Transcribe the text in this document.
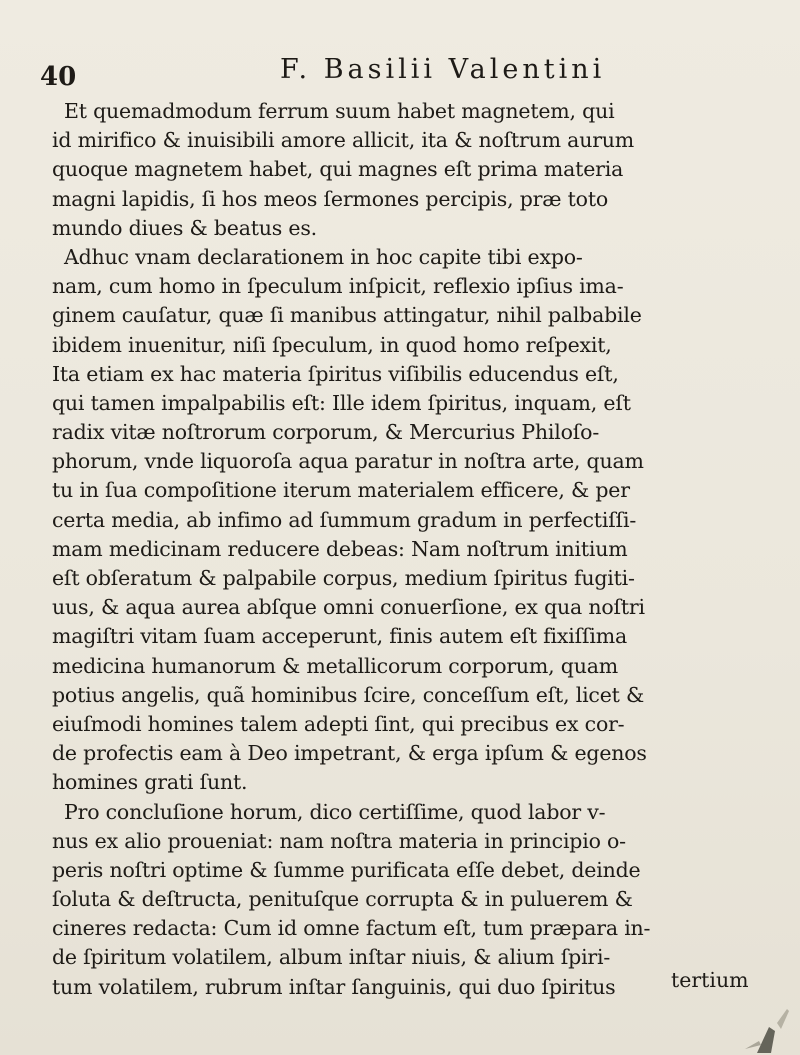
40	F. Basilii Valentini
Et quemadmodum ferrum suum habet magnetem, qui
id mirifico & inuisibili amore allicit, ita & noſtrum aurum
quoque magnetem habet, qui magnes eſt prima materia
magni lapidis, ſi hos meos ſermones percipis, præ toto
mundo diues & beatus es.
Adhuc vnam declarationem in hoc capite tibi expo-
nam, cum homo in ſpeculum inſpicit, reflexio ipſius ima-
ginem cauſatur, quæ ſi manibus attingatur, nihil palbabile
ibidem inuenitur, niſi ſpeculum, in quod homo reſpexit,
Ita etiam ex hac materia ſpiritus viſibilis educendus eſt,
qui tamen impalpabilis eſt: Ille idem ſpiritus, inquam, eſt
radix vitæ noſtrorum corporum, & Mercurius Philoſo-
phorum, vnde liquoroſa aqua paratur in noſtra arte, quam
tu in ſua compoſitione iterum materialem efficere, & per
certa media, ab infimo ad ſummum gradum in perfectiſſi-
mam medicinam reducere debeas: Nam noſtrum initium
eſt obſeratum & palpabile corpus, medium ſpiritus fugiti-
uus, & aqua aurea abſque omni conuerſione, ex qua noſtri
magiſtri vitam ſuam acceperunt, finis autem eſt fixiſſima
medicina humanorum & metallicorum corporum, quam
potius angelis, quã hominibus ſcire, conceſſum eſt, licet &
eiuſmodi homines talem adepti ſint, qui precibus ex cor-
de profectis eam à Deo impetrant, & erga ipſum & egenos
homines grati ſunt.
Pro concluſione horum, dico certiſſime, quod labor v-
nus ex alio proueniat: nam noſtra materia in principio o-
peris noſtri optime & ſumme purificata eſſe debet, deinde
ſoluta & deſtructa, penituſque corrupta & in puluerem &
cineres redacta: Cum id omne factum eſt, tum præpara in-
de ſpiritum volatilem, album inſtar niuis, & alium ſpiri-
tum volatilem, rubrum inſtar ſanguinis, qui duo ſpiritus	tertium
